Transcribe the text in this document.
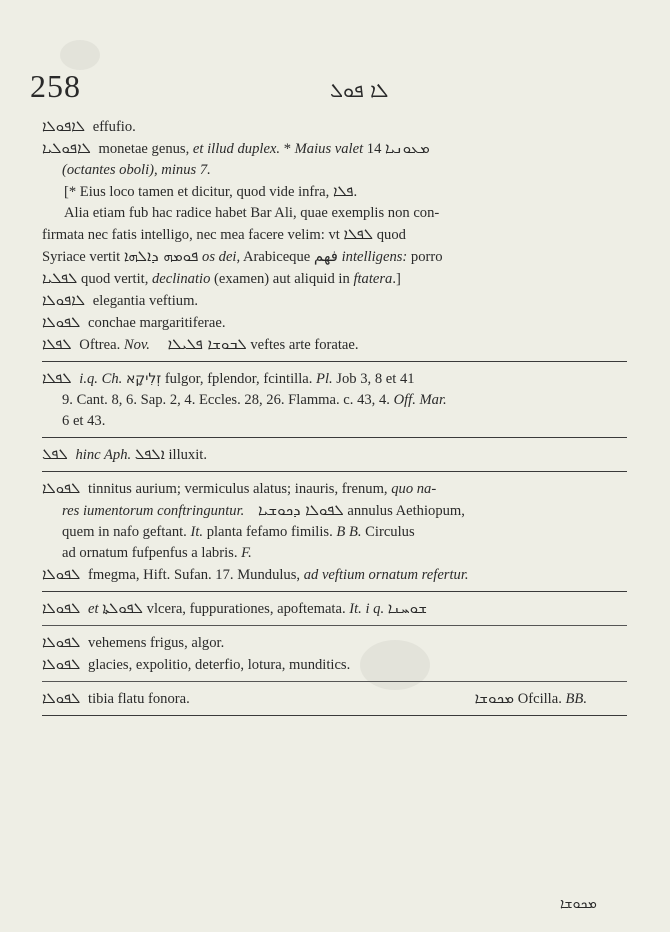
258	ܠܐ ܦܘܠ

ܠܐܦܘܠܐ effufio.

ܠܐܦܘܠܝܐ monetae genus, et illud duplex. * Maius valet 14 ܡܥܘܢܝܐ

(octantes oboli), minus 7.

[* Eius loco tamen et dicitur, quod vide infra, ܦܠܐ.

Alia etiam fub hac radice habet Bar Ali, quae exemplis non con-

firmata nec fatis intelligo, nec mea facere velim: vt ܠܦܠܐ quod

Syriace vertit ܦܘܡܗ ܕܐܠܗܐ os dei, Arabiceque فهم intelligens: porro

ܠܦܠܝܐ quod vertit, declinatio (examen) aut aliquid in ftatera.]

ܠܐܦܘܠܐ elegantia veftium.

ܠܦܘܠܐ conchae margaritiferae.

ܠܦܠܐ Oftrea. Nov. ܠܒܘܫܐ ܦܠܝܠܐ veftes arte foratae.

ܠܦܠܐ i.q. Ch. זְלִיקָא fulgor, fplendor, fcintilla. Pl. Job 3, 8 et 41

9. Cant. 8, 6. Sap. 2, 4. Eccles. 28, 26. Flamma. c. 43, 4. Off. Mar.

6 et 43.

ܠܦܠ hinc Aph. ܐܠܦܠ illuxit.

ܠܦܘܠܐ tinnitus aurium; vermiculus alatus; inauris, frenum, quo na-

res iumentorum conftringuntur. ܠܦܘܠܐ ܕܟܘܫܝܐ annulus Aethiopum,

quem in nafo geftant. It. planta fefamo fimilis. B B. Circulus

ad ornatum fufpenfus a labris. F.

ܠܦܘܠܐ fmegma, Hift. Sufan. 17. Mundulus, ad veftium ornatum refertur.

ܠܦܘܠܐ et ܠܦܘܠܬܐ vlcera, fuppurationes, apoftemata. It. i q. ܫܘܚܢܐ

ܠܦܘܠܐ vehemens frigus, algor.

ܠܦܘܠܐ glacies, expolitio, deterfio, lotura, munditics.

ܠܦܘܠܐ tibia flatu fonora.	ܡܟܘܫܐ Ofcilla. BB.
ܡܟܘܫܐ
